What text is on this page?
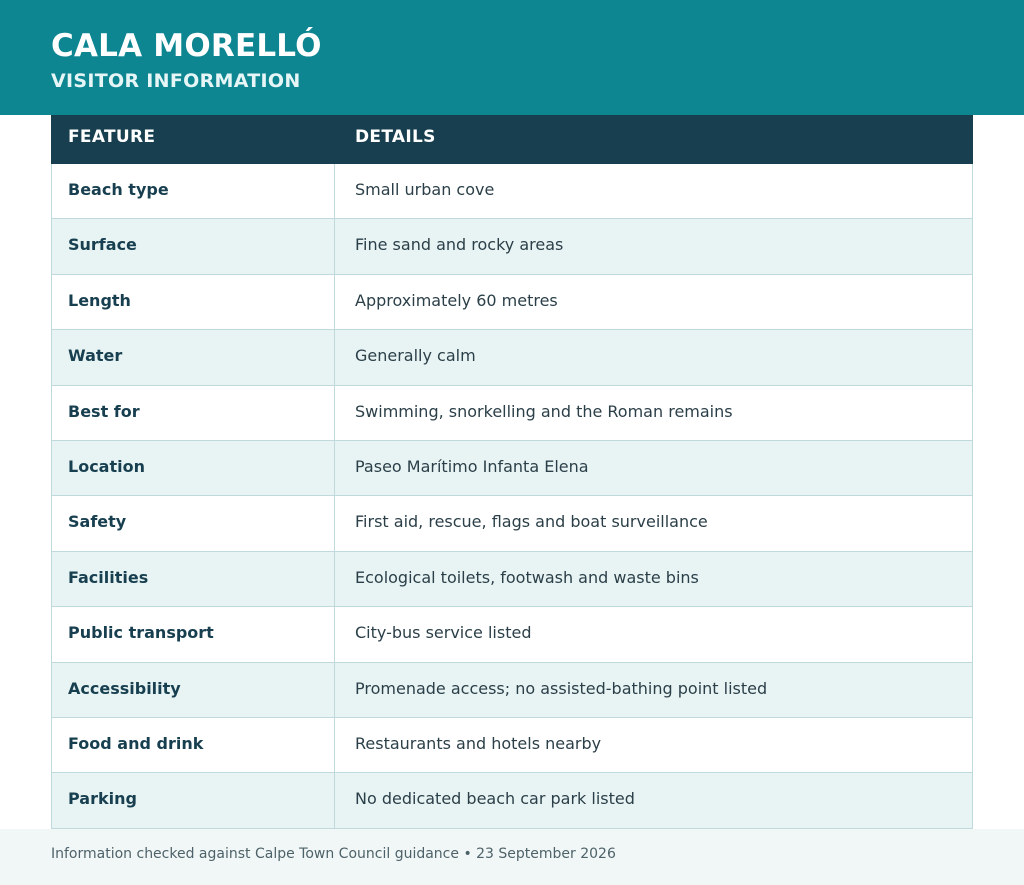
CALA MORELLÓ
VISITOR INFORMATION
FEATURE	DETAILS
Beach type	Small urban cove
Surface	Fine sand and rocky areas
Length	Approximately 60 metres
Water	Generally calm
Best for	Swimming, snorkelling and the Roman remains
Location	Paseo Marítimo Infanta Elena
Safety	First aid, rescue, flags and boat surveillance
Facilities	Ecological toilets, footwash and waste bins
Public transport	City-bus service listed
Accessibility	Promenade access; no assisted-bathing point listed
Food and drink	Restaurants and hotels nearby
Parking	No dedicated beach car park listed
Information checked against Calpe Town Council guidance • 23 September 2026
